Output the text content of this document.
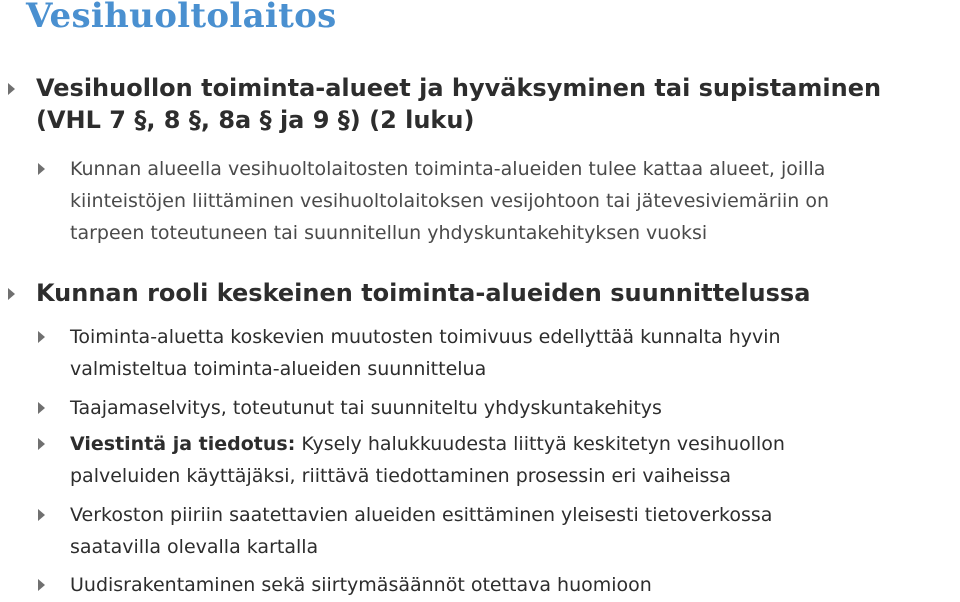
Vesihuoltolaitos
Vesihuollon toiminta-alueet ja hyväksyminen tai supistaminen
(VHL 7 §, 8 §, 8a § ja 9 §) (2 luku)
Kunnan alueella vesihuoltolaitosten toiminta-alueiden tulee kattaa alueet, joilla
kiinteistöjen liittäminen vesihuoltolaitoksen vesijohtoon tai jätevesiviemäriin on
tarpeen toteutuneen tai suunnitellun yhdyskuntakehityksen vuoksi
Kunnan rooli keskeinen toiminta-alueiden suunnittelussa
Toiminta-aluetta koskevien muutosten toimivuus edellyttää kunnalta hyvin
valmisteltua toiminta-alueiden suunnittelua
Taajamaselvitys, toteutunut tai suunniteltu yhdyskuntakehitys
Viestintä ja tiedotus: Kysely halukkuudesta liittyä keskitetyn vesihuollon
palveluiden käyttäjäksi, riittävä tiedottaminen prosessin eri vaiheissa
Verkoston piiriin saatettavien alueiden esittäminen yleisesti tietoverkossa
saatavilla olevalla kartalla
Uudisrakentaminen sekä siirtymäsäännöt otettava huomioon
